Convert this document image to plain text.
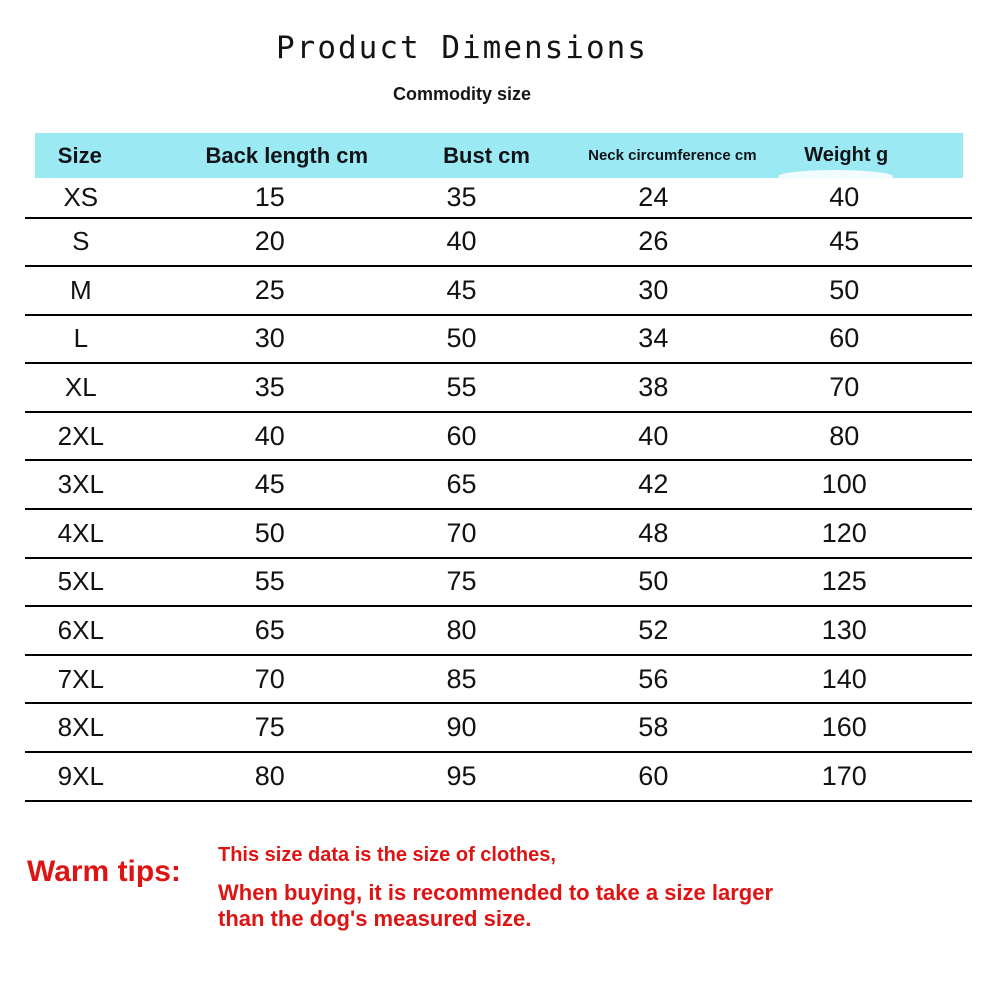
Product Dimensions
Commodity size
Size	Back length cm	Bust cm	Neck circumference cm	Weight g
XS	15	35	24	40
S	20	40	26	45
M	25	45	30	50
L	30	50	34	60
XL	35	55	38	70
2XL	40	60	40	80
3XL	45	65	42	100
4XL	50	70	48	120
5XL	55	75	50	125
6XL	65	80	52	130
7XL	70	85	56	140
8XL	75	90	58	160
9XL	80	95	60	170
Warm tips: This size data is the size of clothes,
When buying, it is recommended to take a size larger
than the dog's measured size.
